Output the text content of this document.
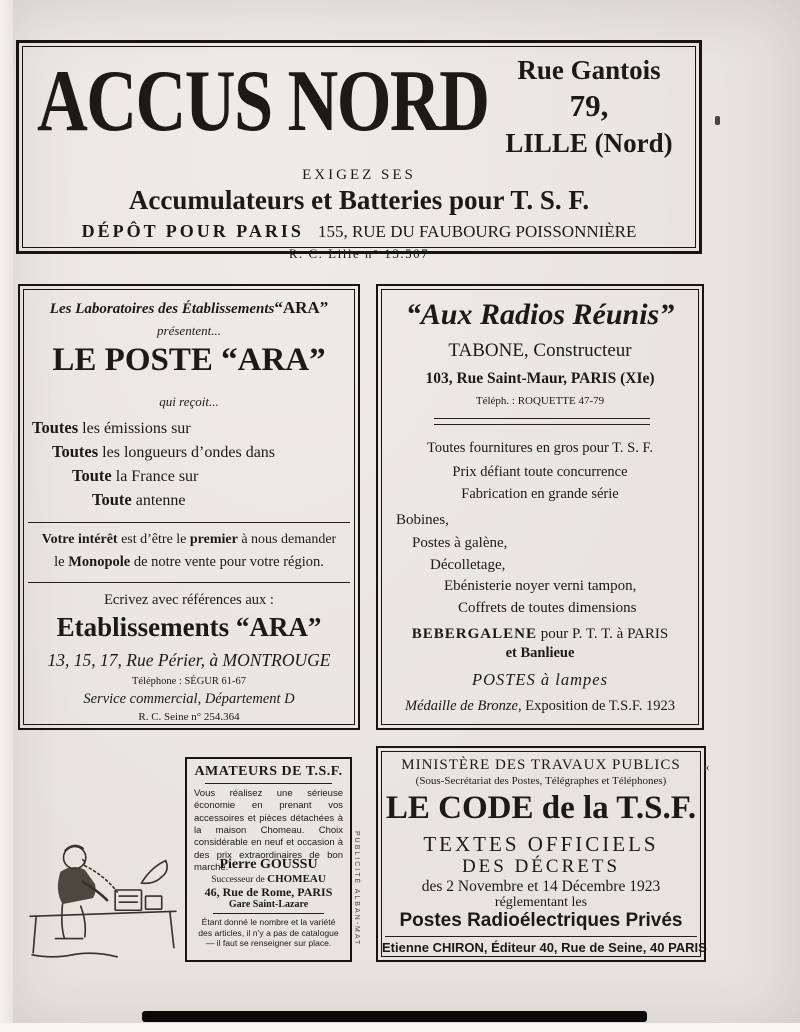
ACCUS NORD	Rue Gantois
79,
LILLE (Nord)
EXIGEZ SES
Accumulateurs et Batteries pour T. S. F.
DÉPÔT POUR PARIS 155, RUE DU FAUBOURG POISSONNIÈRE
R. C. Lille n° 13.507
Les Laboratoires des Établissements“ARA”
présentent...
LE POSTE “ARA”
qui reçoit...
Toutes les émissions sur
Toutes les longueurs d’ondes dans
Toute la France sur
Toute antenne
Votre intérêt est d’être le premier à nous demander
le Monopole de notre vente pour votre région.
Ecrivez avec références aux :
Etablissements “ARA”
13, 15, 17, Rue Périer, à MONTROUGE
Téléphone : SÉGUR 61-67
Service commercial, Département D
R. C. Seine n° 254.364
“Aux Radios Réunis”
TABONE, Constructeur
103, Rue Saint-Maur, PARIS (XIe)
Téléph. : ROQUETTE 47-79
Toutes fournitures en gros pour T. S. F.
Prix défiant toute concurrence
Fabrication en grande série
Bobines,
Postes à galène,
Décolletage,
Ebénisterie noyer verni tampon,
Coffrets de toutes dimensions
BEBERGALENE pour P. T. T. à PARIS
et Banlieue
POSTES à lampes
Médaille de Bronze, Exposition de T.S.F. 1923
AMATEURS DE T.S.F.
Vous réalisez une sérieuse économie en prenant vos accessoires et pièces détachées à la maison Chomeau. Choix considérable en neuf et occasion à des prix extraordinaires de bon marché.
Pierre GOUSSU
Successeur de CHOMEAU
46, Rue de Rome, PARIS
Gare Saint-Lazare
Étant donné le nombre et la variété des articles, il n’y a pas de catalogue — il faut se renseigner sur place.	PUBLICITÉ ALBAN-MAT
MINISTÈRE DES TRAVAUX PUBLICS
(Sous-Secrétariat des Postes, Télégraphes et Téléphones)
LE CODE de la T.S.F.
TEXTES OFFICIELS
DES DÉCRETS
des 2 Novembre et 14 Décembre 1923
réglementant les
Postes Radioélectriques Privés
Etienne CHIRON, Éditeur 40, Rue de Seine, 40 PARIS
«
